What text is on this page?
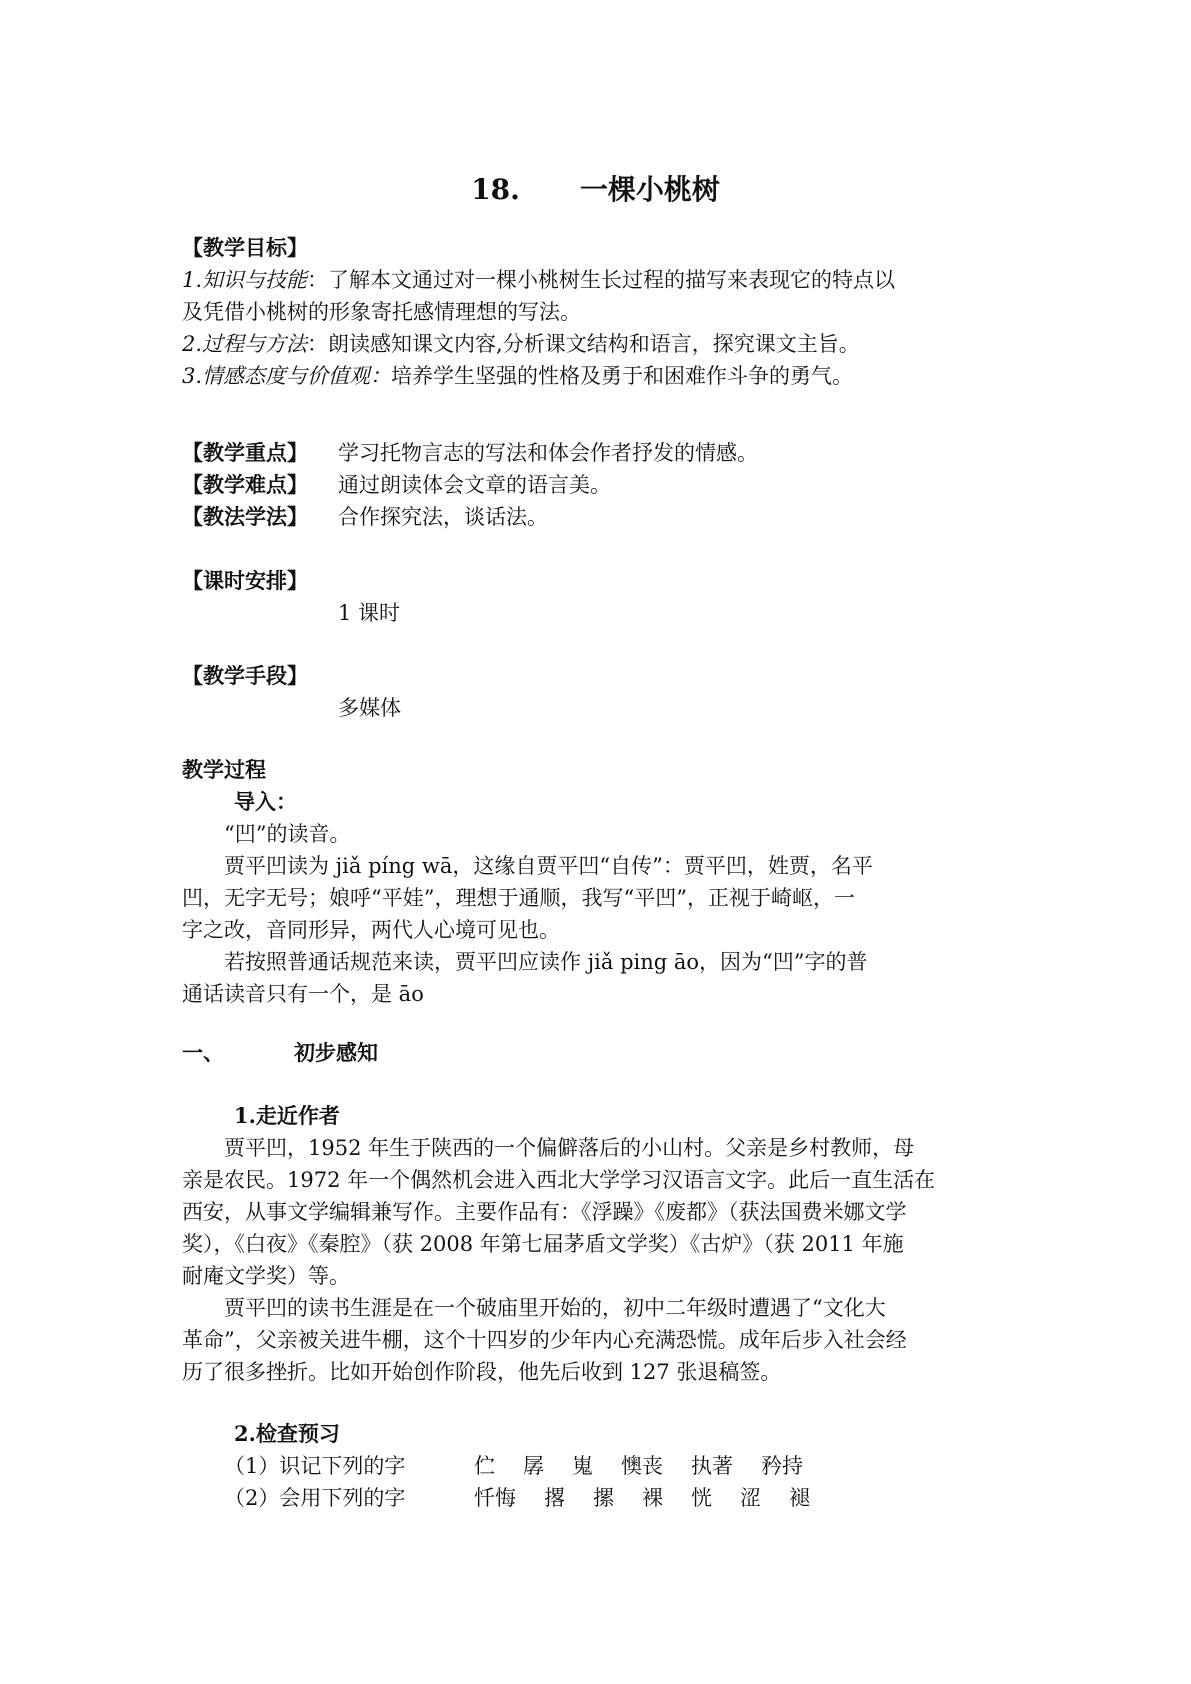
18. 一棵小桃树
【教学目标】
1.知识与技能：了解本文通过对一棵小桃树生长过程的描写来表现它的特点以
及凭借小桃树的形象寄托感情理想的写法。
2.过程与方法：朗读感知课文内容,分析课文结构和语言，探究课文主旨。
3.情感态度与价值观：培养学生坚强的性格及勇于和困难作斗争的勇气。
【教学重点】	学习托物言志的写法和体会作者抒发的情感。
【教学难点】	通过朗读体会文章的语言美。
【教法学法】	合作探究法，谈话法。
【课时安排】
1 课时
【教学手段】
多媒体
教学过程
导入：
“凹”的读音。
贾平凹读为 jiǎ píng wā，这缘自贾平凹“自传”：贾平凹，姓贾，名平
凹，无字无号；娘呼“平娃”，理想于通顺，我写“平凹”，正视于崎岖，一
字之改，音同形异，两代人心境可见也。
若按照普通话规范来读，贾平凹应读作 jiǎ ping āo，因为“凹”字的普
通话读音只有一个，是 āo
一、	初步感知
1.走近作者
贾平凹，1952 年生于陕西的一个偏僻落后的小山村。父亲是乡村教师，母
亲是农民。1972 年一个偶然机会进入西北大学学习汉语言文字。此后一直生活在
西安，从事文学编辑兼写作。主要作品有：《浮躁》《废都》（获法国费米娜文学
奖），《白夜》《秦腔》（获 2008 年第七届茅盾文学奖）《古炉》（获 2011 年施
耐庵文学奖）等。
贾平凹的读书生涯是在一个破庙里开始的，初中二年级时遭遇了“文化大
革命”，父亲被关进牛棚，这个十四岁的少年内心充满恐慌。成年后步入社会经
历了很多挫折。比如开始创作阶段，他先后收到 127 张退稿签。
2.检查预习
（1）识记下列的字	伫 孱 嵬 懊丧 执著 矜持
（2）会用下列的字	忏悔 撂 摞 裸 恍 涩 褪
